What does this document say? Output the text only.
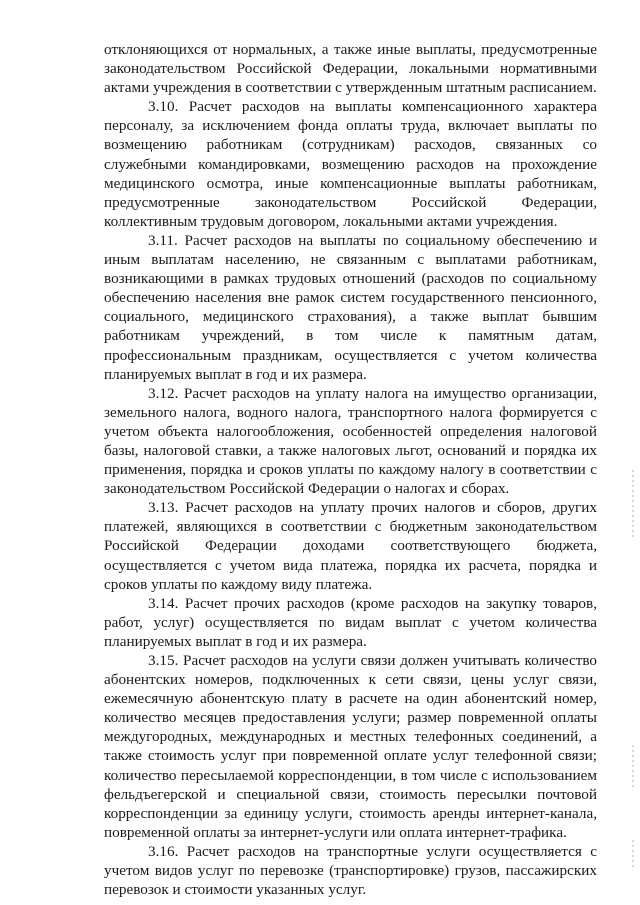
отклоняющихся от нормальных, а также иные выплаты, предусмотренные законодательством Российской Федерации, локальными нормативными актами учреждения в соответствии с утвержденным штатным расписанием.

3.10. Расчет расходов на выплаты компенсационного характера персоналу, за исключением фонда оплаты труда, включает выплаты по возмещению работникам (сотрудникам) расходов, связанных со служебными командировками, возмещению расходов на прохождение медицинского осмотра, иные компенсационные выплаты работникам, предусмотренные законодательством Российской Федерации, коллективным трудовым договором, локальными актами учреждения.

3.11. Расчет расходов на выплаты по социальному обеспечению и иным выплатам населению, не связанным с выплатами работникам, возникающими в рамках трудовых отношений (расходов по социальному обеспечению населения вне рамок систем государственного пенсионного, социального, медицинского страхования), а также выплат бывшим работникам учреждений, в том числе к памятным датам, профессиональным праздникам, осуществляется с учетом количества планируемых выплат в год и их размера.

3.12. Расчет расходов на уплату налога на имущество организации, земельного налога, водного налога, транспортного налога формируется с учетом объекта налогообложения, особенностей определения налоговой базы, налоговой ставки, а также налоговых льгот, оснований и порядка их применения, порядка и сроков уплаты по каждому налогу в соответствии с законодательством Российской Федерации о налогах и сборах.

3.13. Расчет расходов на уплату прочих налогов и сборов, других платежей, являющихся в соответствии с бюджетным законодательством Российской Федерации доходами соответствующего бюджета, осуществляется с учетом вида платежа, порядка их расчета, порядка и сроков уплаты по каждому виду платежа.

3.14. Расчет прочих расходов (кроме расходов на закупку товаров, работ, услуг) осуществляется по видам выплат с учетом количества планируемых выплат в год и их размера.

3.15. Расчет расходов на услуги связи должен учитывать количество абонентских номеров, подключенных к сети связи, цены услуг связи, ежемесячную абонентскую плату в расчете на один абонентский номер, количество месяцев предоставления услуги; размер повременной оплаты междугородных, международных и местных телефонных соединений, а также стоимость услуг при повременной оплате услуг телефонной связи; количество пересылаемой корреспонденции, в том числе с использованием фельдъегерской и специальной связи, стоимость пересылки почтовой корреспонденции за единицу услуги, стоимость аренды интернет-канала, повременной оплаты за интернет-услуги или оплата интернет-трафика.

3.16. Расчет расходов на транспортные услуги осуществляется с учетом видов услуг по перевозке (транспортировке) грузов, пассажирских перевозок и стоимости указанных услуг.
